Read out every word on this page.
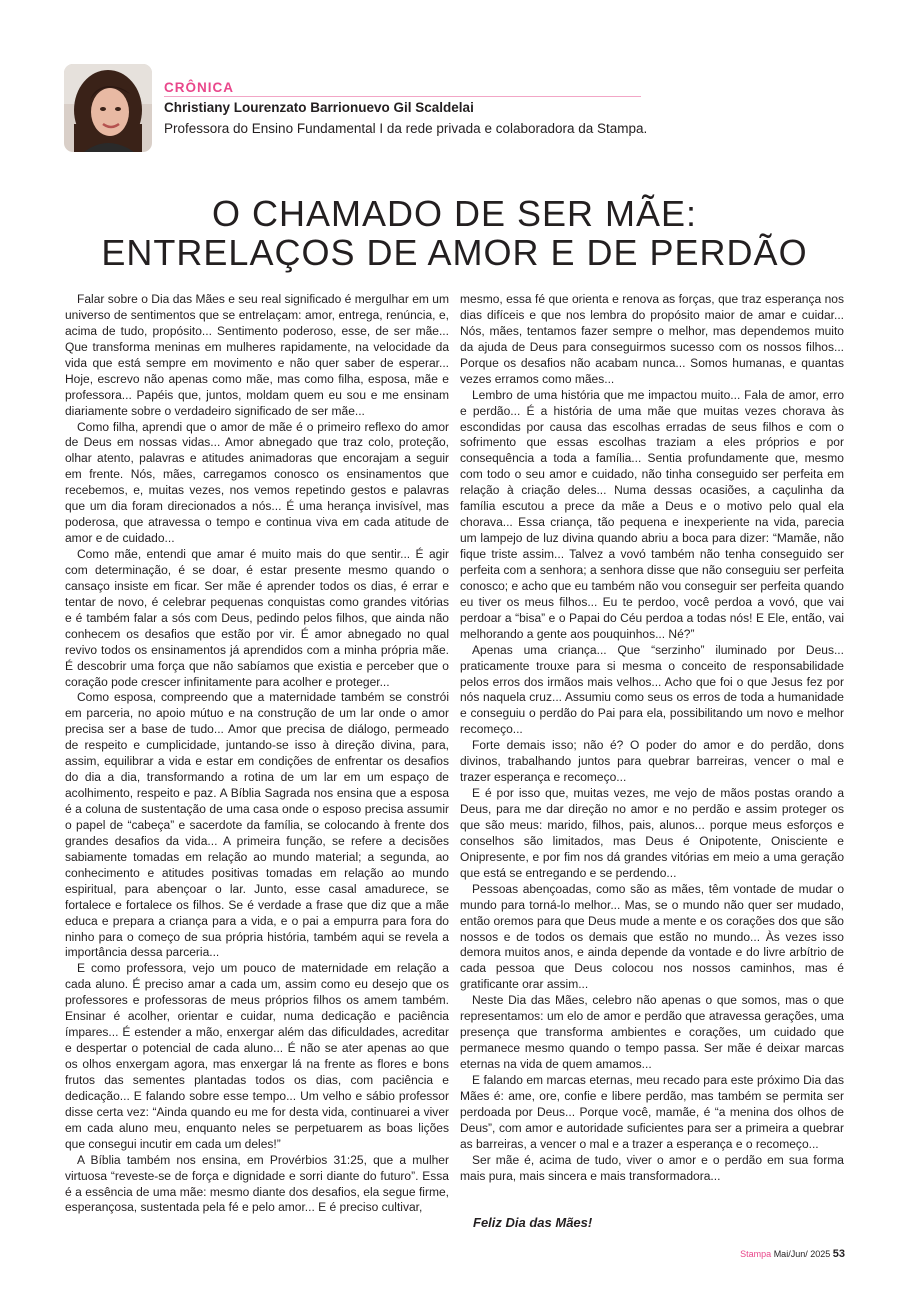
CRÔNICA
Christiany Lourenzato Barrionuevo Gil Scaldelai
Professora do Ensino Fundamental I da rede privada e colaboradora da Stampa.
O CHAMADO DE SER MÃE:
ENTRELAÇOS DE AMOR E DE PERDÃO

Falar sobre o Dia das Mães e seu real significado é mergulhar em um universo de sentimentos que se entrelaçam: amor, entrega, renúncia, e, acima de tudo, propósito... Sentimento poderoso, esse, de ser mãe... Que transforma meninas em mulheres rapidamente, na velocidade da vida que está sempre em movimento e não quer saber de esperar... Hoje, escrevo não apenas como mãe, mas como filha, esposa, mãe e professora... Papéis que, juntos, moldam quem eu sou e me ensinam diariamente sobre o verdadeiro significado de ser mãe...

Como filha, aprendi que o amor de mãe é o primeiro reflexo do amor de Deus em nossas vidas... Amor abnegado que traz colo, proteção, olhar atento, palavras e atitudes animadoras que encorajam a seguir em frente. Nós, mães, carregamos conosco os ensinamentos que recebemos, e, muitas vezes, nos vemos repetindo gestos e palavras que um dia foram direcionados a nós... É uma herança invisível, mas poderosa, que atravessa o tempo e continua viva em cada atitude de amor e de cuidado...

Como mãe, entendi que amar é muito mais do que sentir... É agir com determinação, é se doar, é estar presente mesmo quando o cansaço insiste em ficar. Ser mãe é aprender todos os dias, é errar e tentar de novo, é celebrar pequenas conquistas como grandes vitórias e é também falar a sós com Deus, pedindo pelos filhos, que ainda não conhecem os desafios que estão por vir. É amor abnegado no qual revivo todos os ensinamentos já aprendidos com a minha própria mãe. É descobrir uma força que não sabíamos que existia e perceber que o coração pode crescer infinitamente para acolher e proteger...

Como esposa, compreendo que a maternidade também se constrói em parceria, no apoio mútuo e na construção de um lar onde o amor precisa ser a base de tudo... Amor que precisa de diálogo, permeado de respeito e cumplicidade, juntando-se isso à direção divina, para, assim, equilibrar a vida e estar em condições de enfrentar os desafios do dia a dia, transformando a rotina de um lar em um espaço de acolhimento, respeito e paz. A Bíblia Sagrada nos ensina que a esposa é a coluna de sustentação de uma casa onde o esposo precisa assumir o papel de “cabeça” e sacerdote da família, se colocando à frente dos grandes desafios da vida... A primeira função, se refere a decisões sabiamente tomadas em relação ao mundo material; a segunda, ao conhecimento e atitudes positivas tomadas em relação ao mundo espiritual, para abençoar o lar. Junto, esse casal amadurece, se fortalece e fortalece os filhos. Se é verdade a frase que diz que a mãe educa e prepara a criança para a vida, e o pai a empurra para fora do ninho para o começo de sua própria história, também aqui se revela a importância dessa parceria...

E como professora, vejo um pouco de maternidade em relação a cada aluno. É preciso amar a cada um, assim como eu desejo que os professores e professoras de meus próprios filhos os amem também. Ensinar é acolher, orientar e cuidar, numa dedicação e paciência ímpares... É estender a mão, enxergar além das dificuldades, acreditar e despertar o potencial de cada aluno... É não se ater apenas ao que os olhos enxergam agora, mas enxergar lá na frente as flores e bons frutos das sementes plantadas todos os dias, com paciência e dedicação... E falando sobre esse tempo... Um velho e sábio professor disse certa vez: “Ainda quando eu me for desta vida, continuarei a viver em cada aluno meu, enquanto neles se perpetuarem as boas lições que consegui incutir em cada um deles!”

A Bíblia também nos ensina, em Provérbios 31:25, que a mulher virtuosa “reveste-se de força e dignidade e sorri diante do futuro”. Essa é a essência de uma mãe: mesmo diante dos desafios, ela segue firme, esperançosa, sustentada pela fé e pelo amor... E é preciso cultivar,

mesmo, essa fé que orienta e renova as forças, que traz esperança nos dias difíceis e que nos lembra do propósito maior de amar e cuidar... Nós, mães, tentamos fazer sempre o melhor, mas dependemos muito da ajuda de Deus para conseguirmos sucesso com os nossos filhos... Porque os desafios não acabam nunca... Somos humanas, e quantas vezes erramos como mães...

Lembro de uma história que me impactou muito... Fala de amor, erro e perdão... É a história de uma mãe que muitas vezes chorava às escondidas por causa das escolhas erradas de seus filhos e com o sofrimento que essas escolhas traziam a eles próprios e por consequência a toda a família... Sentia profundamente que, mesmo com todo o seu amor e cuidado, não tinha conseguido ser perfeita em relação à criação deles... Numa dessas ocasiões, a caçulinha da família escutou a prece da mãe a Deus e o motivo pelo qual ela chorava... Essa criança, tão pequena e inexperiente na vida, parecia um lampejo de luz divina quando abriu a boca para dizer: “Mamãe, não fique triste assim... Talvez a vovó também não tenha conseguido ser perfeita com a senhora; a senhora disse que não conseguiu ser perfeita conosco; e acho que eu também não vou conseguir ser perfeita quando eu tiver os meus filhos... Eu te perdoo, você perdoa a vovó, que vai perdoar a “bisa” e o Papai do Céu perdoa a todas nós! E Ele, então, vai melhorando a gente aos pouquinhos... Né?”

Apenas uma criança... Que “serzinho” iluminado por Deus... praticamente trouxe para si mesma o conceito de responsabilidade pelos erros dos irmãos mais velhos... Acho que foi o que Jesus fez por nós naquela cruz... Assumiu como seus os erros de toda a humanidade e conseguiu o perdão do Pai para ela, possibilitando um novo e melhor recomeço...

Forte demais isso; não é? O poder do amor e do perdão, dons divinos, trabalhando juntos para quebrar barreiras, vencer o mal e trazer esperança e recomeço...

E é por isso que, muitas vezes, me vejo de mãos postas orando a Deus, para me dar direção no amor e no perdão e assim proteger os que são meus: marido, filhos, pais, alunos... porque meus esforços e conselhos são limitados, mas Deus é Onipotente, Onisciente e Onipresente, e por fim nos dá grandes vitórias em meio a uma geração que está se entregando e se perdendo...

Pessoas abençoadas, como são as mães, têm vontade de mudar o mundo para torná-lo melhor... Mas, se o mundo não quer ser mudado, então oremos para que Deus mude a mente e os corações dos que são nossos e de todos os demais que estão no mundo... Às vezes isso demora muitos anos, e ainda depende da vontade e do livre arbítrio de cada pessoa que Deus colocou nos nossos caminhos, mas é gratificante orar assim...

Neste Dia das Mães, celebro não apenas o que somos, mas o que representamos: um elo de amor e perdão que atravessa gerações, uma presença que transforma ambientes e corações, um cuidado que permanece mesmo quando o tempo passa. Ser mãe é deixar marcas eternas na vida de quem amamos...

E falando em marcas eternas, meu recado para este próximo Dia das Mães é: ame, ore, confie e libere perdão, mas também se permita ser perdoada por Deus... Porque você, mamãe, é “a menina dos olhos de Deus”, com amor e autoridade suficientes para ser a primeira a quebrar as barreiras, a vencer o mal e a trazer a esperança e o recomeço...

Ser mãe é, acima de tudo, viver o amor e o perdão em sua forma mais pura, mais sincera e mais transformadora...

Feliz Dia das Mães!
Stampa Mai/Jun/ 2025 53
